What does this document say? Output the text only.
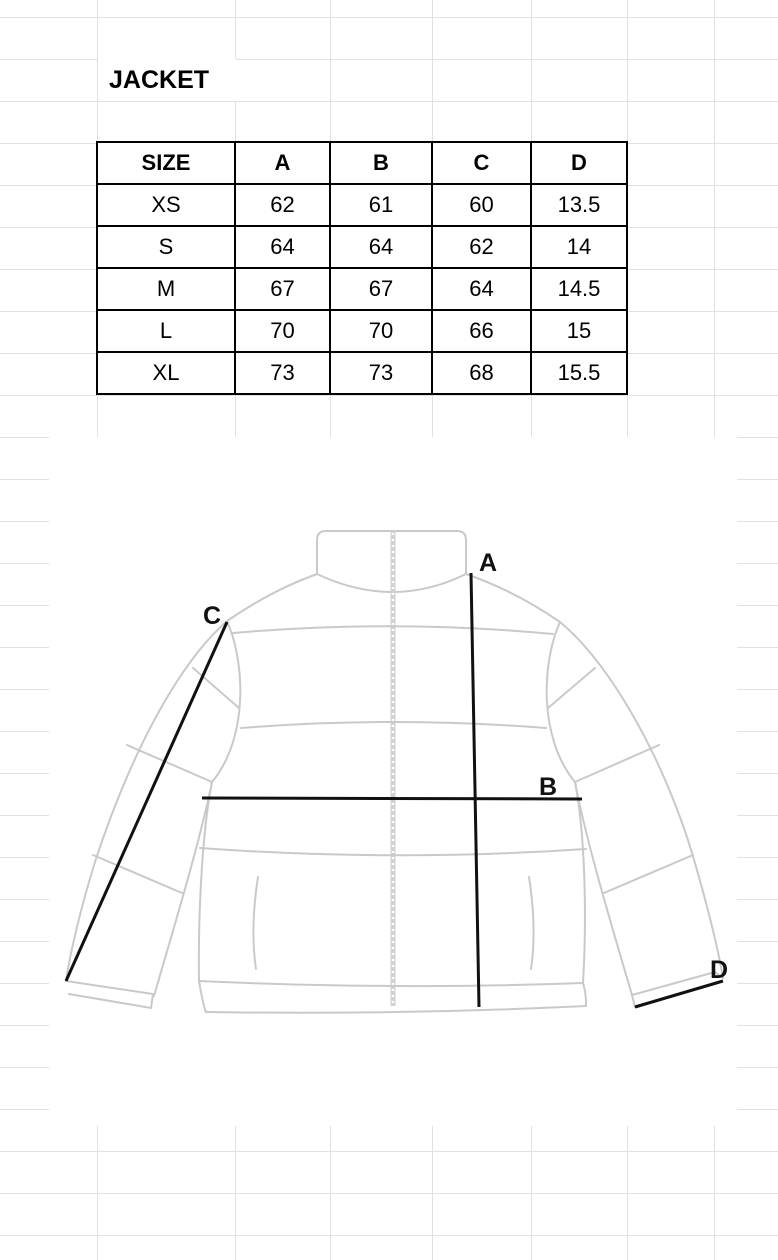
JACKET
SIZE	A	B	C	D
XS	62	61	60	13.5
S	64	64	62	14
M	67	67	64	14.5
L	70	70	66	15
XL	73	73	68	15.5
A
B
C
D
